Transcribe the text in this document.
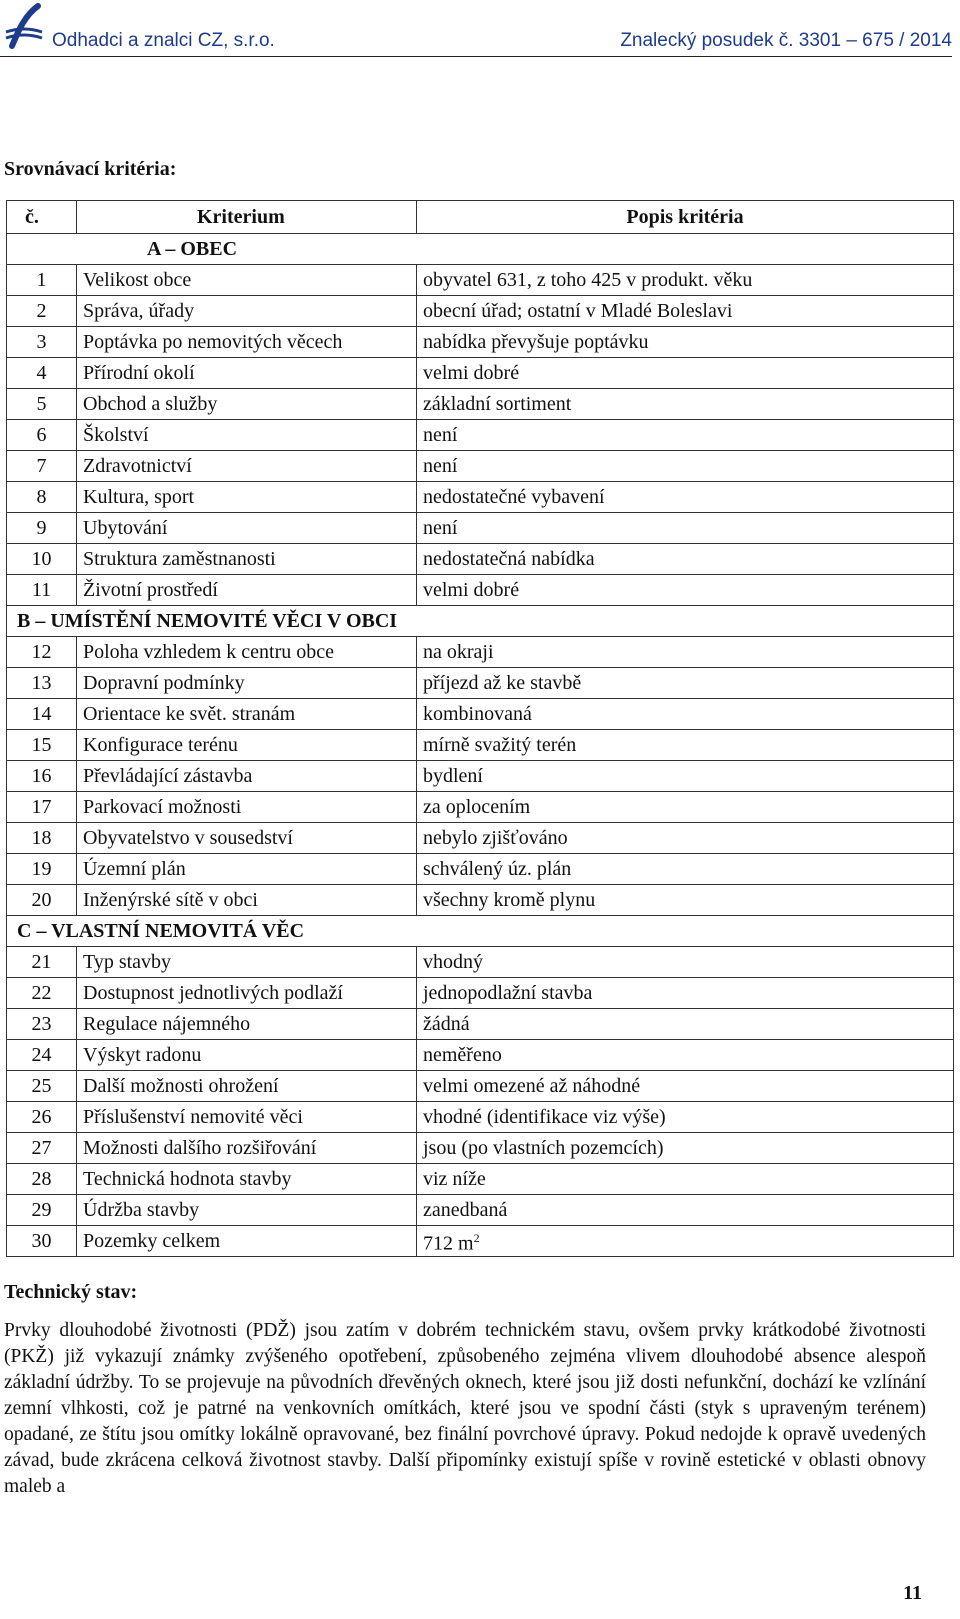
Odhadci a znalci CZ, s.r.o.	Znalecký posudek č. 3301 – 675 / 2014
Srovnávací kritéria:
č.	Kriterium	Popis kritéria
A – OBEC		
1	Velikost obce	obyvatel 631, z toho 425 v produkt. věku
2	Správa, úřady	obecní úřad; ostatní v Mladé Boleslavi
3	Poptávka po nemovitých věcech	nabídka převyšuje poptávku
4	Přírodní okolí	velmi dobré
5	Obchod a služby	základní sortiment
6	Školství	není
7	Zdravotnictví	není
8	Kultura, sport	nedostatečné vybavení
9	Ubytování	není
10	Struktura zaměstnanosti	nedostatečná nabídka
11	Životní prostředí	velmi dobré
B – UMÍSTĚNÍ NEMOVITÉ VĚCI V OBCI		
12	Poloha vzhledem k centru obce	na okraji
13	Dopravní podmínky	příjezd až ke stavbě
14	Orientace ke svět. stranám	kombinovaná
15	Konfigurace terénu	mírně svažitý terén
16	Převládající zástavba	bydlení
17	Parkovací možnosti	za oplocením
18	Obyvatelstvo v sousedství	nebylo zjišťováno
19	Územní plán	schválený úz. plán
20	Inženýrské sítě v obci	všechny kromě plynu
C – VLASTNÍ NEMOVITÁ VĚC		
21	Typ stavby	vhodný
22	Dostupnost jednotlivých podlaží	jednopodlažní stavba
23	Regulace nájemného	žádná
24	Výskyt radonu	neměřeno
25	Další možnosti ohrožení	velmi omezené až náhodné
26	Příslušenství nemovité věci	vhodné (identifikace viz výše)
27	Možnosti dalšího rozšiřování	jsou (po vlastních pozemcích)
28	Technická hodnota stavby	viz níže
29	Údržba stavby	zanedbaná
30	Pozemky celkem	712 $m^2$
Technický stav:
Prvky dlouhodobé životnosti (PDŽ) jsou zatím v dobrém technickém stavu, ovšem prvky krátkodobé životnosti (PKŽ) již vykazují známky zvýšeného opotřebení, způsobeného zejména vlivem dlouhodobé absence alespoň základní údržby. To se projevuje na původních dřevěných oknech, které jsou již dosti nefunkční, dochází ke vzlínání zemní vlhkosti, což je patrné na venkovních omítkách, které jsou ve spodní části (styk s upraveným terénem) opadané, ze štítu jsou omítky lokálně opravované, bez finální povrchové úpravy. Pokud nedojde k opravě uvedených závad, bude zkrácena celková životnost stavby. Další připomínky existují spíše v rovině estetické v oblasti obnovy maleb a
11
